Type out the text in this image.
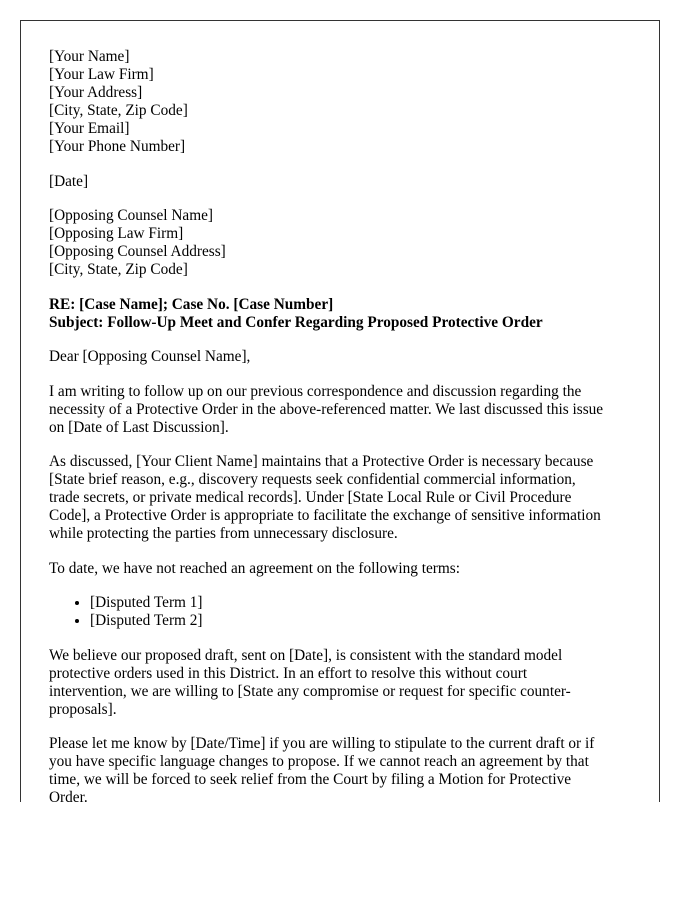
[Your Name]
[Your Law Firm]
[Your Address]
[City, State, Zip Code]
[Your Email]
[Your Phone Number]
[Date]
[Opposing Counsel Name]
[Opposing Law Firm]
[Opposing Counsel Address]
[City, State, Zip Code]
RE: [Case Name]; Case No. [Case Number]
Subject: Follow-Up Meet and Confer Regarding Proposed Protective Order
Dear [Opposing Counsel Name],
I am writing to follow up on our previous correspondence and discussion regarding the
necessity of a Protective Order in the above-referenced matter. We last discussed this issue
on [Date of Last Discussion].
As discussed, [Your Client Name] maintains that a Protective Order is necessary because
[State brief reason, e.g., discovery requests seek confidential commercial information,
trade secrets, or private medical records]. Under [State Local Rule or Civil Procedure
Code], a Protective Order is appropriate to facilitate the exchange of sensitive information
while protecting the parties from unnecessary disclosure.
To date, we have not reached an agreement on the following terms:
• [Disputed Term 1]
• [Disputed Term 2]
We believe our proposed draft, sent on [Date], is consistent with the standard model
protective orders used in this District. In an effort to resolve this without court
intervention, we are willing to [State any compromise or request for specific counter-
proposals].
Please let me know by [Date/Time] if you are willing to stipulate to the current draft or if
you have specific language changes to propose. If we cannot reach an agreement by that
time, we will be forced to seek relief from the Court by filing a Motion for Protective
Order.
